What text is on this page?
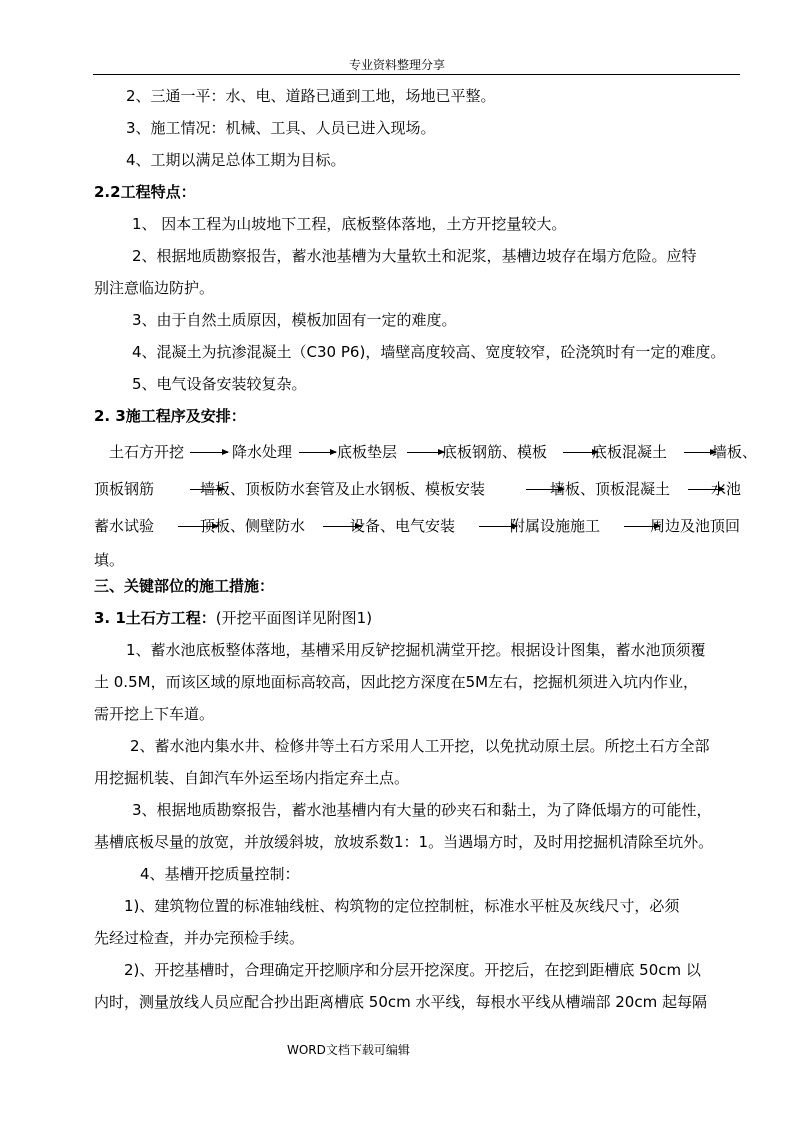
专业资料整理分享
2、三通一平：水、电、道路已通到工地，场地已平整。
3、施工情况：机械、工具、人员已进入现场。
4、工期以满足总体工期为目标。
2.2工程特点：
1、 因本工程为山坡地下工程，底板整体落地，土方开挖量较大。
2、根据地质勘察报告，蓄水池基槽为大量软土和泥浆，基槽边坡存在塌方危险。应特
别注意临边防护。
3、由于自然土质原因，模板加固有一定的难度。
4、混凝土为抗渗混凝土（C30 P6)，墙壁高度较高、宽度较窄，砼浇筑时有一定的难度。
5、电气设备安装较复杂。
2. 3施工程序及安排：
土石方开挖	降水处理	底板垫层	底板钢筋、模板	底板混凝土	墙板、
顶板钢筋	墙板、顶板防水套管及止水钢板、模板安装	墙板、顶板混凝土	水池
蓄水试验	顶板、侧壁防水	设备、电气安装	附属设施施工	周边及池顶回
填。
三、关键部位的施工措施：
3. 1土石方工程：(开挖平面图详见附图1)
1、蓄水池底板整体落地，基槽采用反铲挖掘机满堂开挖。根据设计图集，蓄水池顶须覆
土 0.5M，而该区域的原地面标高较高，因此挖方深度在5M左右，挖掘机须进入坑内作业，
需开挖上下车道。
2、蓄水池内集水井、检修井等土石方采用人工开挖，以免扰动原土层。所挖土石方全部
用挖掘机装、自卸汽车外运至场内指定弃土点。
3、根据地质勘察报告，蓄水池基槽内有大量的砂夹石和黏土，为了降低塌方的可能性，
基槽底板尽量的放宽，并放缓斜坡，放坡系数1：1。当遇塌方时，及时用挖掘机清除至坑外。
4、基槽开挖质量控制：
1)、建筑物位置的标准轴线桩、构筑物的定位控制桩，标准水平桩及灰线尺寸，必须
先经过检查，并办完预检手续。
2)、开挖基槽时，合理确定开挖顺序和分层开挖深度。开挖后，在挖到距槽底 50cm 以
内时，测量放线人员应配合抄出距离槽底 50cm 水平线，每根水平线从槽端部 20cm 起每隔
WORD文档下载可编辑
